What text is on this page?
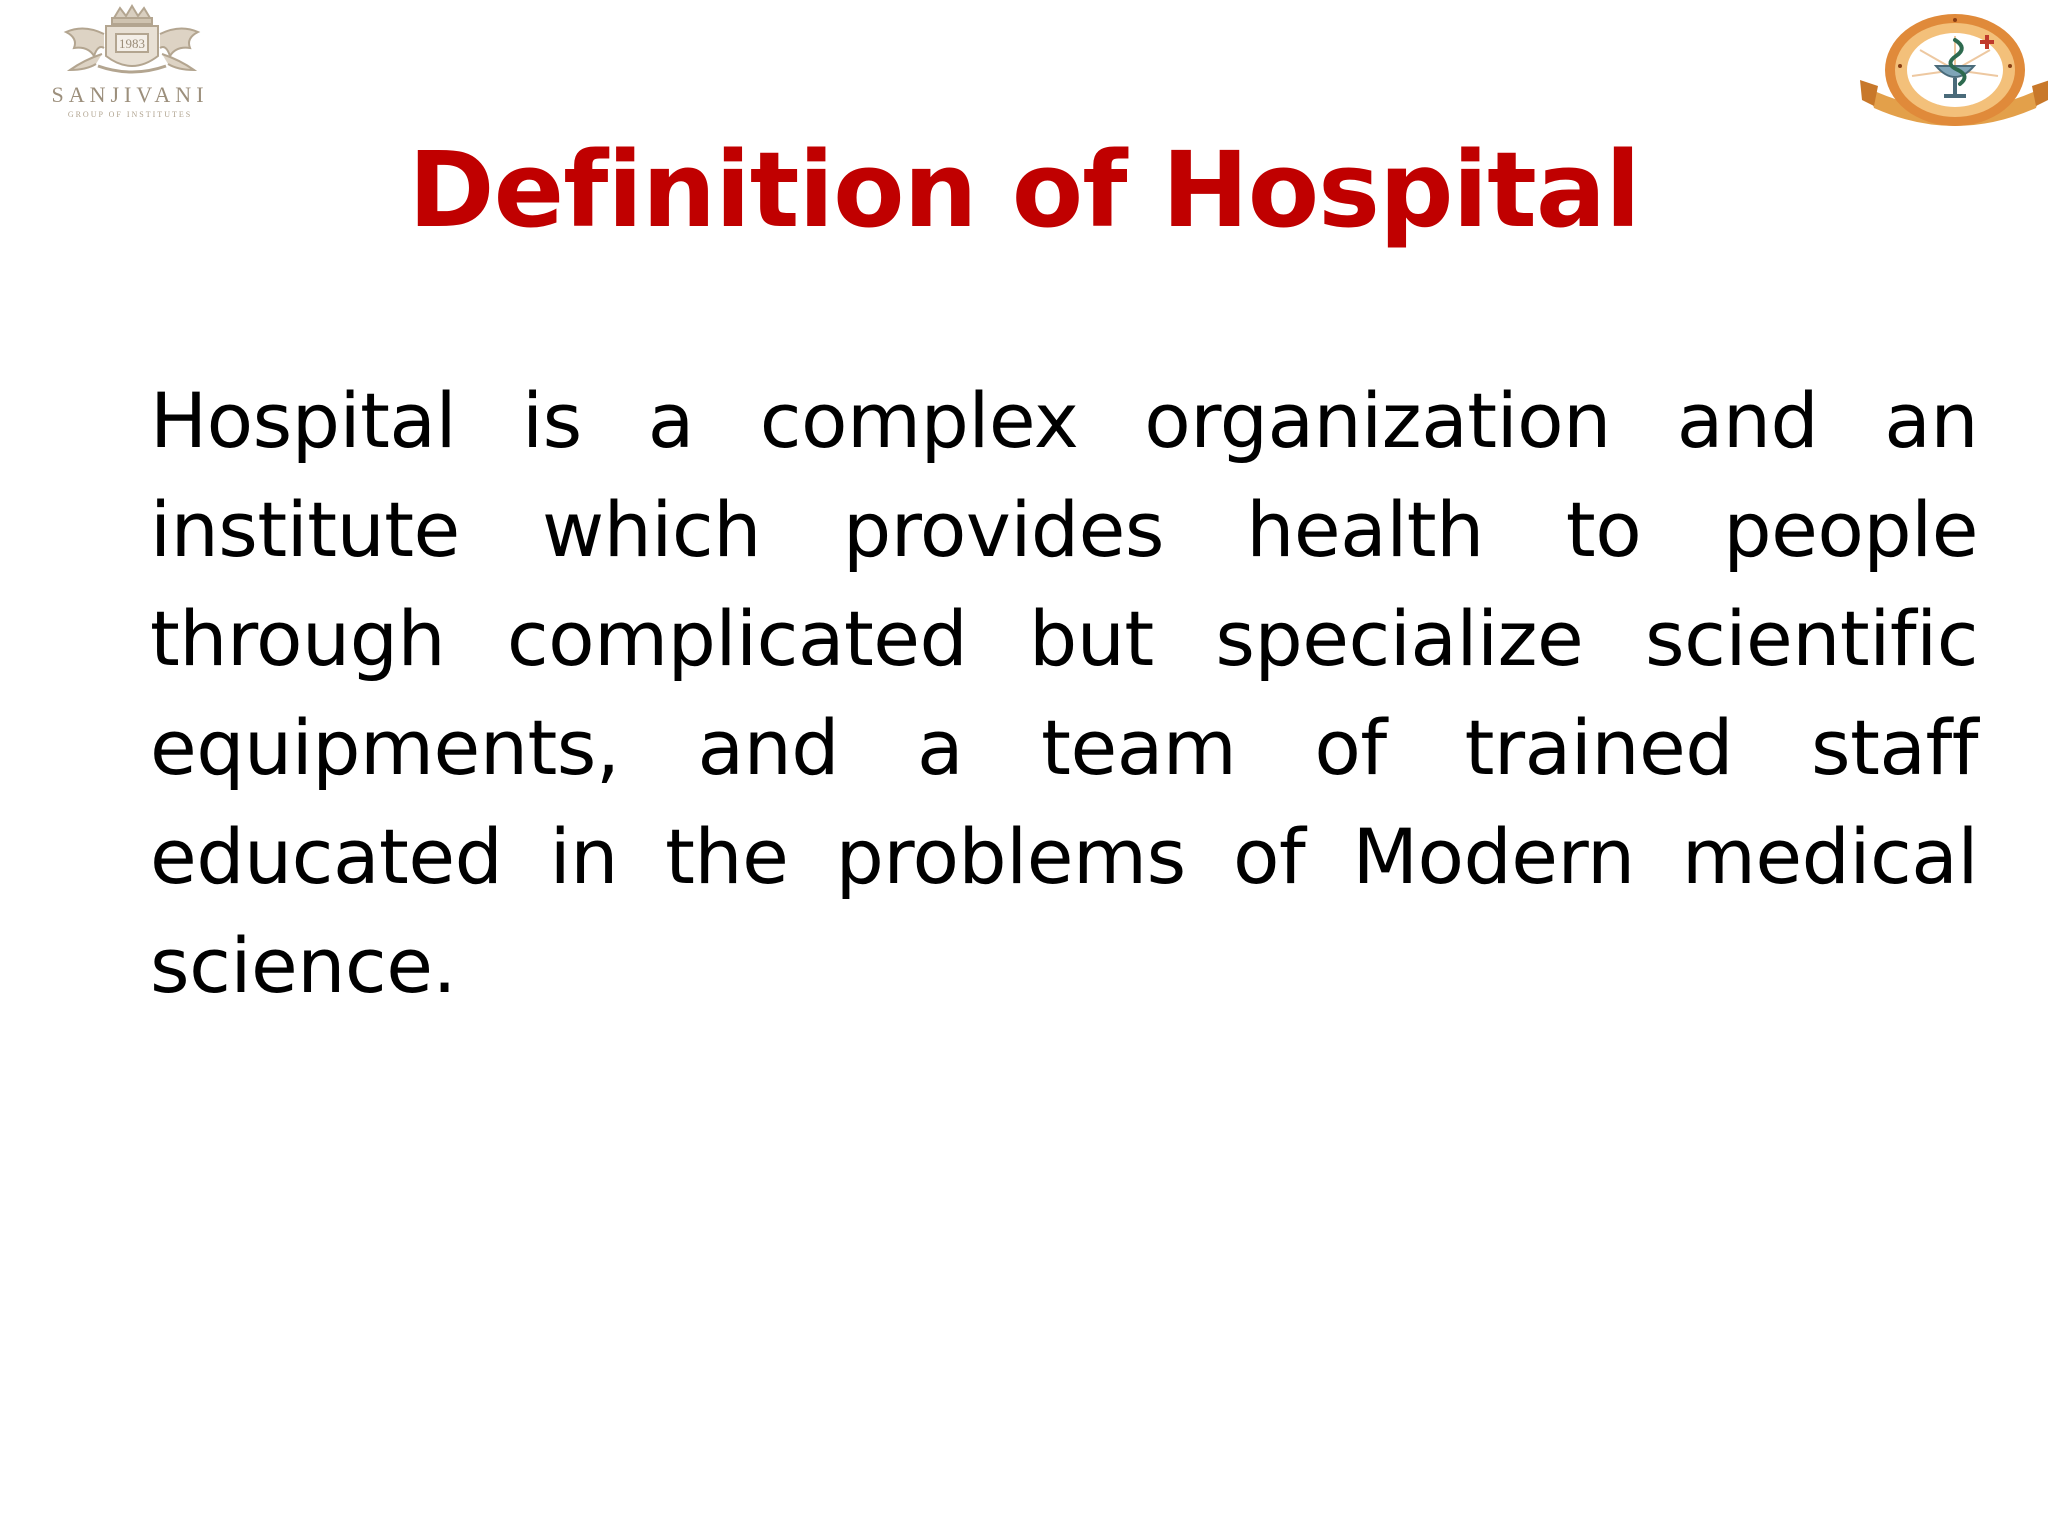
1983
SANJIVANI
GROUP OF INSTITUTES
Definition of Hospital
Hospital is a complex organization and an institute which provides health to people through complicated but specialize scientific equipments, and a team of trained staff educated in the problems of Modern medical science.
